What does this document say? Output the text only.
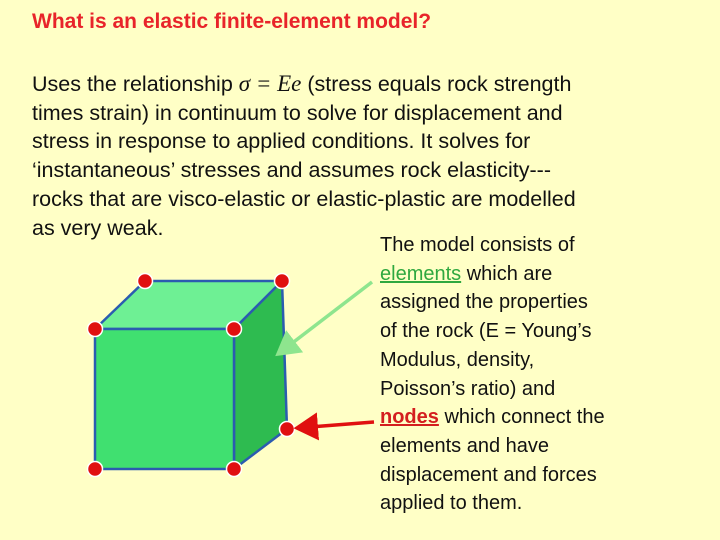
What is an elastic finite-element model?
Uses the relationship σ = Ee (stress equals rock strength
times strain) in continuum to solve for displacement and
stress in response to applied conditions. It solves for
‘instantaneous’ stresses and assumes rock elasticity---
rocks that are visco-elastic or elastic-plastic are modelled
as very weak.
The model consists of
elements which are
assigned the properties
of the rock (E = Young’s
Modulus, density,
Poisson’s ratio) and
nodes which connect the
elements and have
displacement and forces
applied to them.
